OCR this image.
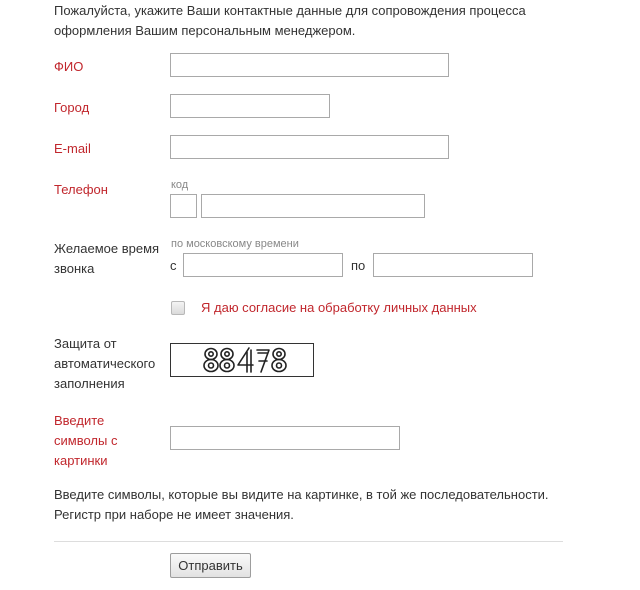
Пожалуйста, укажите Ваши контактные данные для сопровождения процесса оформления Вашим персональным менеджером.
ФИО
Город
E-mail
Телефон	код
Желаемое время звонка
по московскому времени
с	по
Я даю согласие на обработку личных данных
Защита от автоматического заполнения
Введите символы с картинки
Введите символы, которые вы видите на картинке, в той же последовательности. Регистр при наборе не имеет значения.
Отправить
